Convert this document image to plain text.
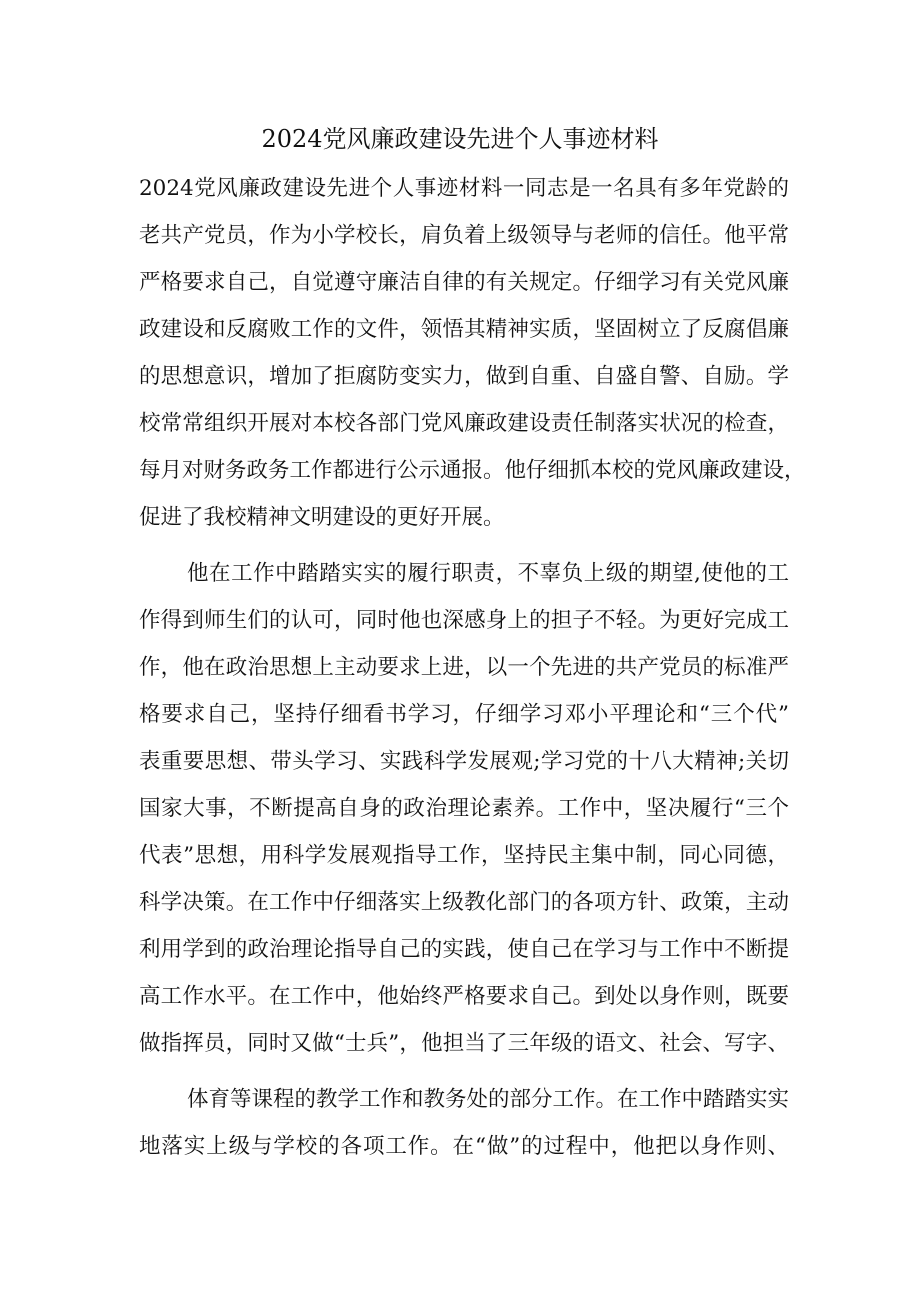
2024党风廉政建设先进个人事迹材料
2024党风廉政建设先进个人事迹材料一同志是一名具有多年党龄的
老共产党员，作为小学校长，肩负着上级领导与老师的信任。他平常
严格要求自己，自觉遵守廉洁自律的有关规定。仔细学习有关党风廉
政建设和反腐败工作的文件，领悟其精神实质，坚固树立了反腐倡廉
的思想意识，增加了拒腐防变实力，做到自重、自盛自警、自励。学
校常常组织开展对本校各部门党风廉政建设责任制落实状况的检查，
每月对财务政务工作都进行公示通报。他仔细抓本校的党风廉政建设，
促进了我校精神文明建设的更好开展。
他在工作中踏踏实实的履行职责，不辜负上级的期望,使他的工
作得到师生们的认可，同时他也深感身上的担子不轻。为更好完成工
作，他在政治思想上主动要求上进，以一个先进的共产党员的标准严
格要求自己，坚持仔细看书学习，仔细学习邓小平理论和“三个代”
表重要思想、带头学习、实践科学发展观;学习党的十八大精神;关切
国家大事，不断提高自身的政治理论素养。工作中，坚决履行“三个
代表”思想，用科学发展观指导工作，坚持民主集中制，同心同德，
科学决策。在工作中仔细落实上级教化部门的各项方针、政策，主动
利用学到的政治理论指导自己的实践，使自己在学习与工作中不断提
高工作水平。在工作中，他始终严格要求自己。到处以身作则，既要
做指挥员，同时又做“士兵”，他担当了三年级的语文、社会、写字、
体育等课程的教学工作和教务处的部分工作。在工作中踏踏实实
地落实上级与学校的各项工作。在“做”的过程中，他把以身作则、
